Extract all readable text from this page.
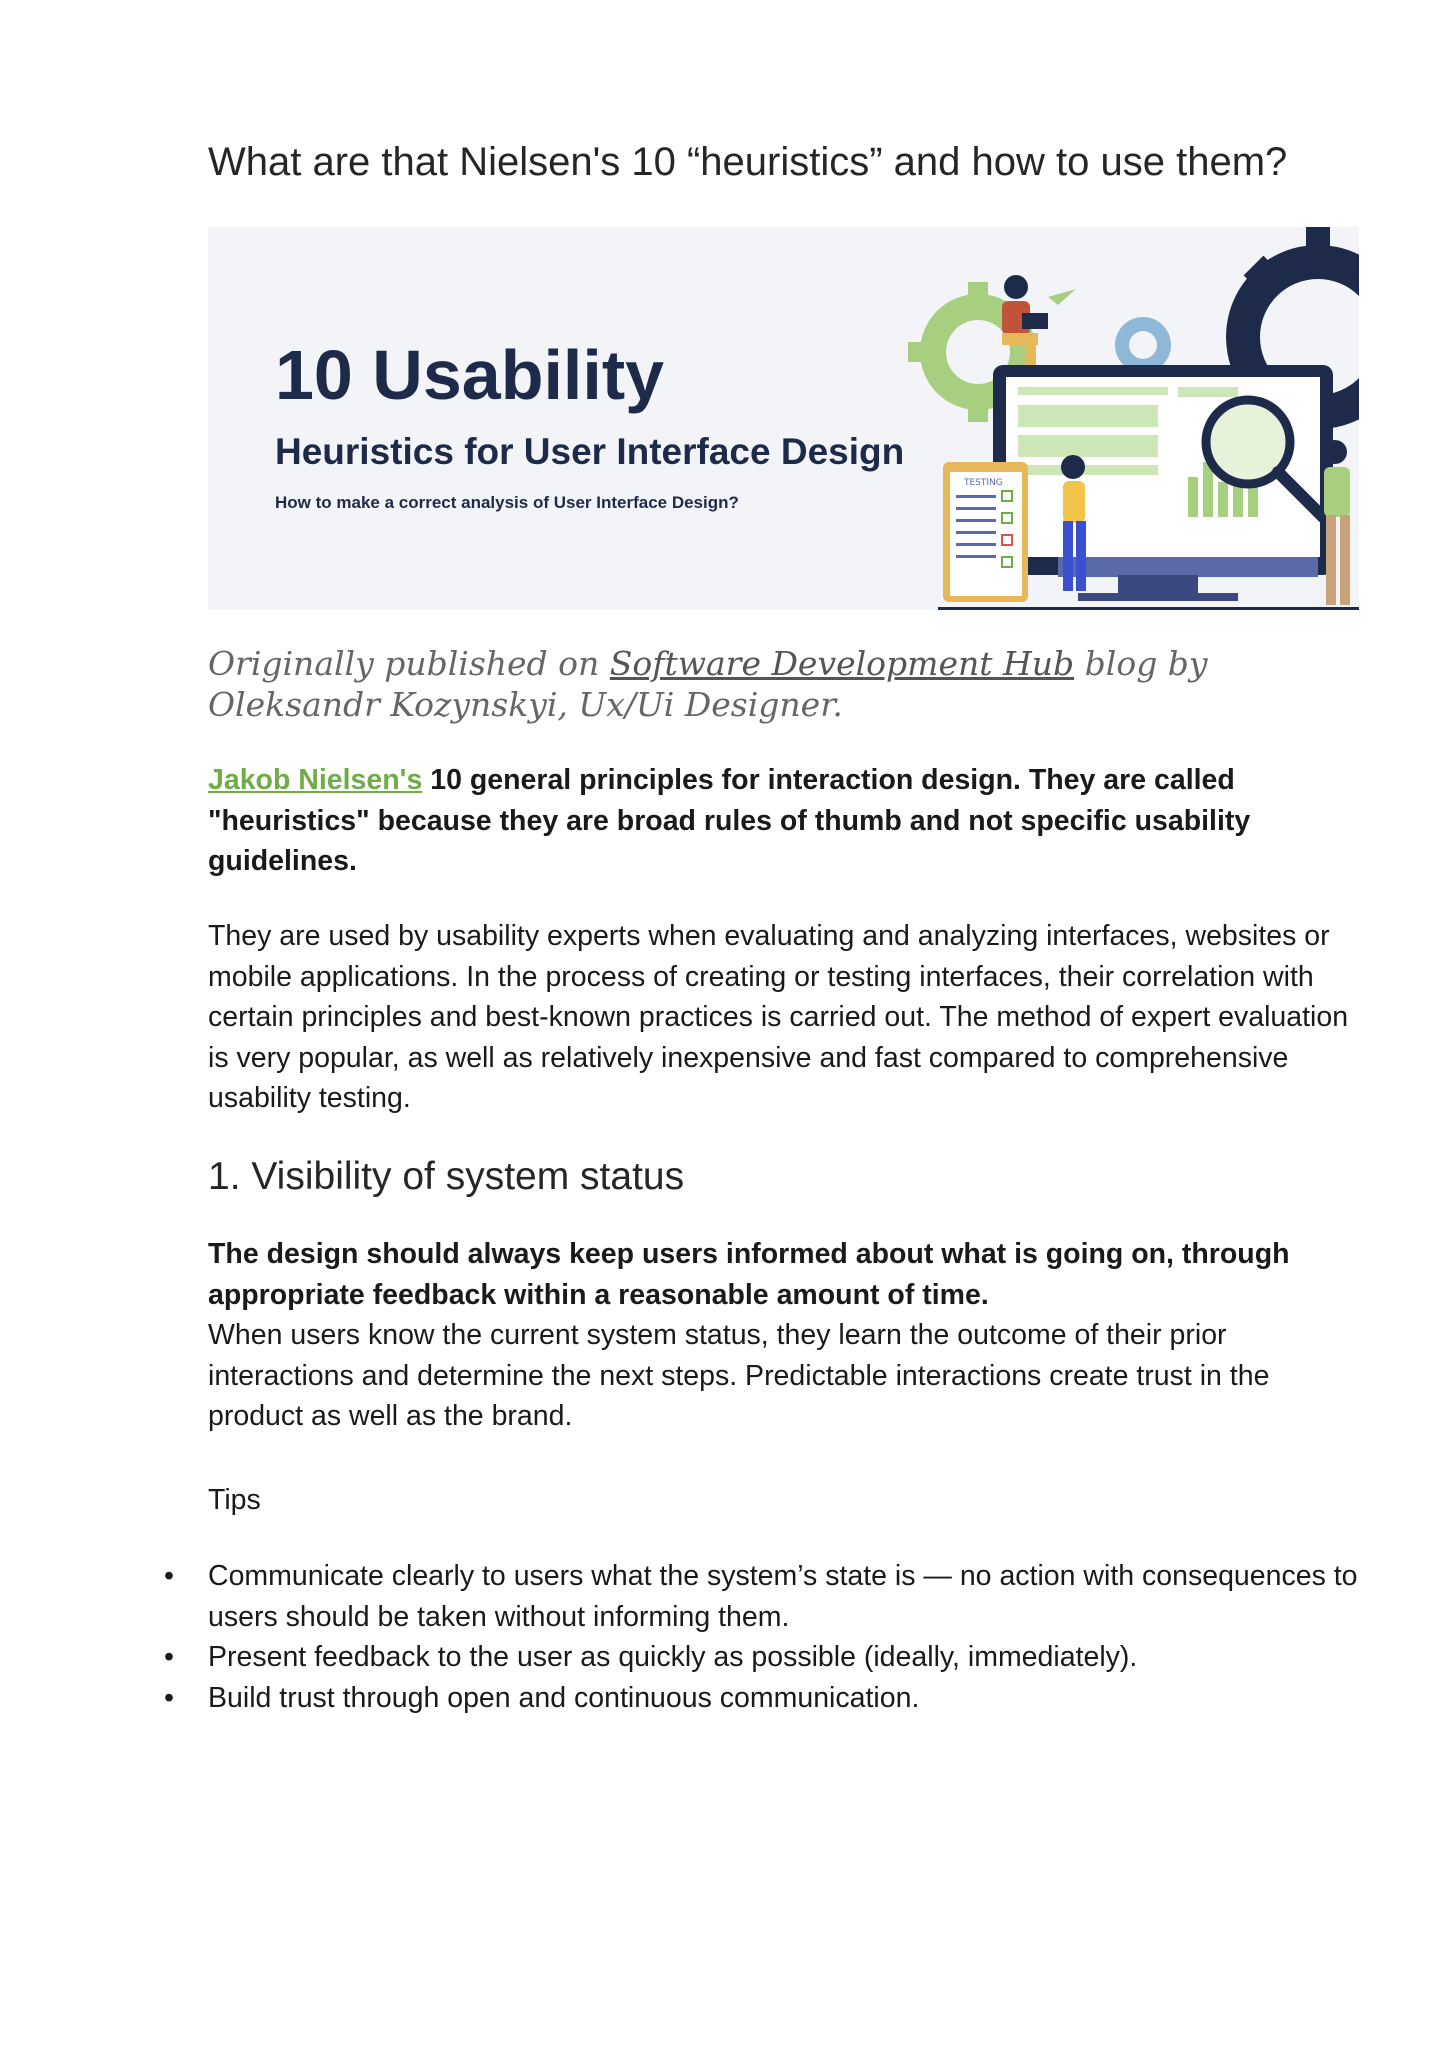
What are that Nielsen's 10 “heuristics” and how to use them?
10 Usability
Heuristics for User Interface Design
How to make a correct analysis of User Interface Design?
TESTING

Originally published on Software Development Hub blog by Oleksandr Kozynskyi, Ux/Ui Designer.

Jakob Nielsen's 10 general principles for interaction design. They are called "heuristics" because they are broad rules of thumb and not specific usability guidelines.

They are used by usability experts when evaluating and analyzing interfaces, websites or mobile applications. In the process of creating or testing interfaces, their correlation with certain principles and best-known practices is carried out. The method of expert evaluation is very popular, as well as relatively inexpensive and fast compared to comprehensive usability testing.

1. Visibility of system status

The design should always keep users informed about what is going on, through appropriate feedback within a reasonable amount of time.

When users know the current system status, they learn the outcome of their prior interactions and determine the next steps. Predictable interactions create trust in the product as well as the brand.

Tips

• Communicate clearly to users what the system’s state is — no action with consequences to users should be taken without informing them.
• Present feedback to the user as quickly as possible (ideally, immediately).
• Build trust through open and continuous communication.
